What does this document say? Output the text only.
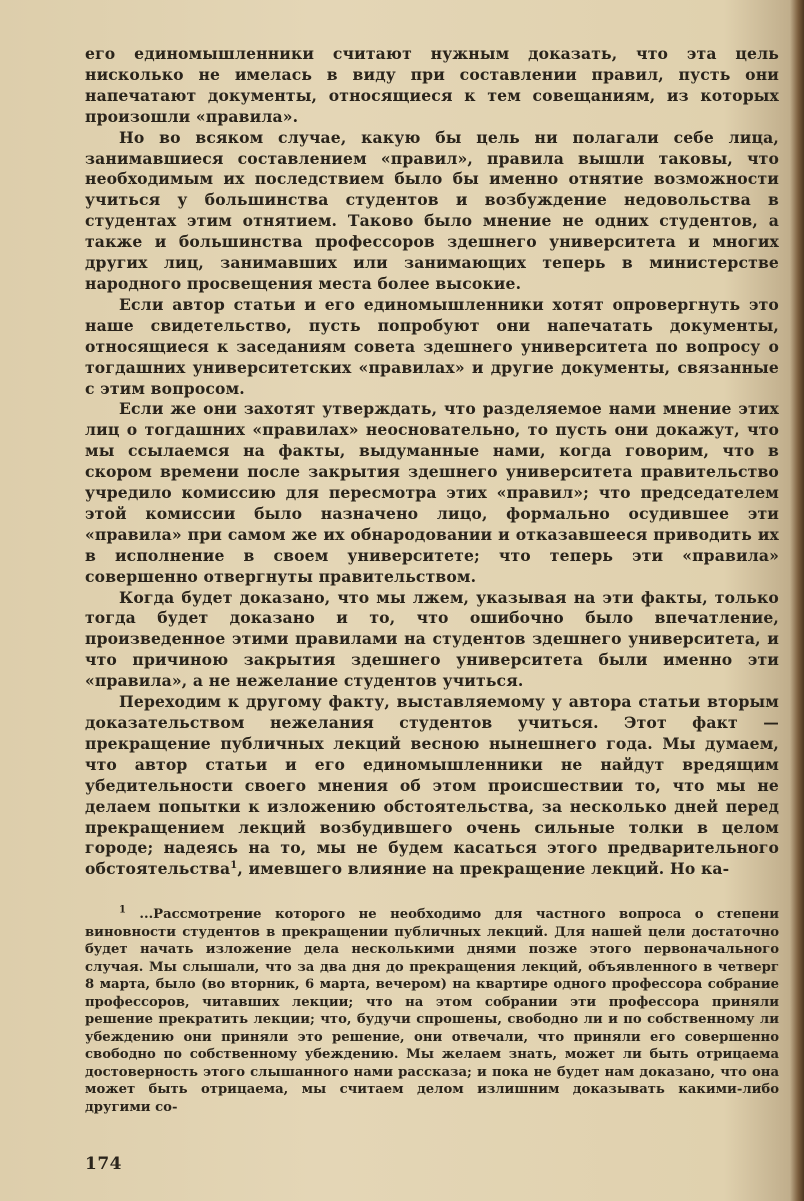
его единомышленники считают нужным доказать, что эта цель нисколько не имелась в виду при составлении правил, пусть они напечатают документы, относящиеся к тем совещаниям, из которых произошли «правила».

Но во всяком случае, какую бы цель ни полагали себе лица, занимавшиеся составлением «правил», правила вышли таковы, что необходимым их последствием было бы именно отнятие возможности учиться у большинства студентов и возбуждение недовольства в студентах этим отнятием. Таково было мнение не одних студентов, а также и большинства профессоров здешнего университета и многих других лиц, занимавших или занимающих теперь в министерстве народного просвещения места более высокие.

Если автор статьи и его единомышленники хотят опровергнуть это наше свидетельство, пусть попробуют они напечатать документы, относящиеся к заседаниям совета здешнего университета по вопросу о тогдашних университетских «правилах» и другие документы, связанные с этим вопросом.

Если же они захотят утверждать, что разделяемое нами мнение этих лиц о тогдашних «правилах» неосновательно, то пусть они докажут, что мы ссылаемся на факты, выдуманные нами, когда говорим, что в скором времени после закрытия здешнего университета правительство учредило комиссию для пересмотра этих «правил»; что председателем этой комиссии было назначено лицо, формально осудившее эти «правила» при самом же их обнародовании и отказавшееся приводить их в исполнение в своем университете; что теперь эти «правила» совершенно отвергнуты правительством.

Когда будет доказано, что мы лжем, указывая на эти факты, только тогда будет доказано и то, что ошибочно было впечатление, произведенное этими правилами на студентов здешнего университета, и что причиною закрытия здешнего университета были именно эти «правила», а не нежелание студентов учиться.

Переходим к другому факту, выставляемому у автора статьи вторым доказательством нежелания студентов учиться. Этот факт — прекращение публичных лекций весною нынешнего года. Мы думаем, что автор статьи и его единомышленники не найдут вредящим убедительности своего мнения об этом происшествии то, что мы не делаем попытки к изложению обстоятельства, за несколько дней перед прекращением лекций возбудившего очень сильные толки в целом городе; надеясь на то, мы не будем касаться этого предварительного обстоятельства$^1$, имевшего влияние на прекращение лекций. Но ка-

$^1$ ...Рассмотрение которого не необходимо для частного вопроса о степени виновности студентов в прекращении публичных лекций. Для нашей цели достаточно будет начать изложение дела несколькими днями позже этого первоначального случая. Мы слышали, что за два дня до прекращения лекций, объявленного в четверг 8 марта, было (во вторник, 6 марта, вечером) на квартире одного профессора собрание профессоров, читавших лекции; что на этом собрании эти профессора приняли решение прекратить лекции; что, будучи спрошены, свободно ли и по собственному ли убеждению они приняли это решение, они отвечали, что приняли его совершенно свободно по собственному убеждению. Мы желаем знать, может ли быть отрицаема достоверность этого слышанного нами рассказа; и пока не будет нам доказано, что она может быть отрицаема, мы считаем делом излишним доказывать какими-либо другими со-

174
